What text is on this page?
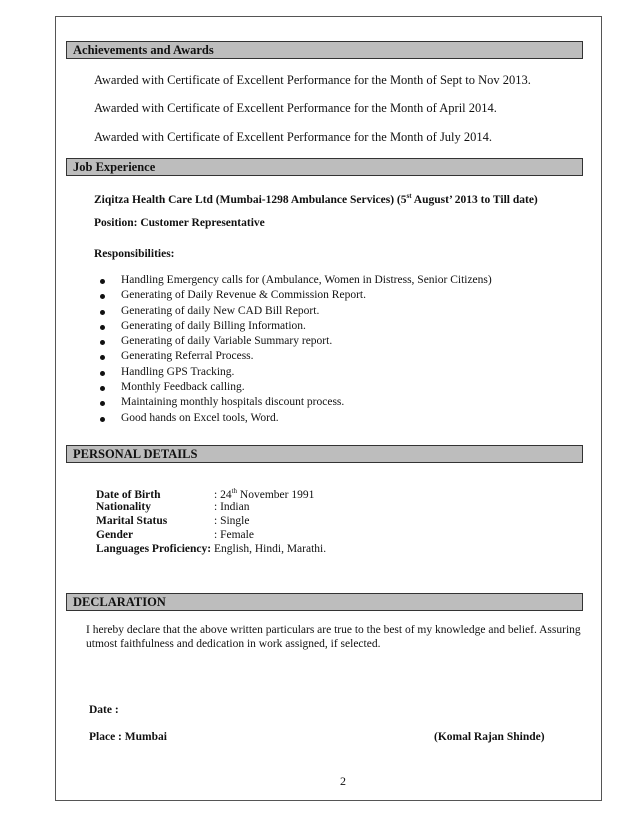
Achievements and Awards
Awarded with Certificate of Excellent Performance for the Month of Sept to Nov 2013.
Awarded with Certificate of Excellent Performance for the Month of April 2014.
Awarded with Certificate of Excellent Performance for the Month of July 2014.
Job Experience
Ziqitza Health Care Ltd (Mumbai-1298 Ambulance Services) (5st August’ 2013 to Till date)
Position: Customer Representative
Responsibilities:
Handling Emergency calls for (Ambulance, Women in Distress, Senior Citizens)
Generating of Daily Revenue & Commission Report.
Generating of daily New CAD Bill Report.
Generating of daily Billing Information.
Generating of daily Variable Summary report.
Generating Referral Process.
Handling GPS Tracking.
Monthly Feedback calling.
Maintaining monthly hospitals discount process.
Good hands on Excel tools, Word.
PERSONAL DETAILS
Date of Birth	: 24th November 1991
Nationality	: Indian
Marital Status	: Single
Gender	: Female
Languages Proficiency: English, Hindi, Marathi.
DECLARATION
I hereby declare that the above written particulars are true to the best of my knowledge and belief. Assuring
utmost faithfulness and dedication in work assigned, if selected.
Date :
Place : Mumbai	(Komal Rajan Shinde)
2
